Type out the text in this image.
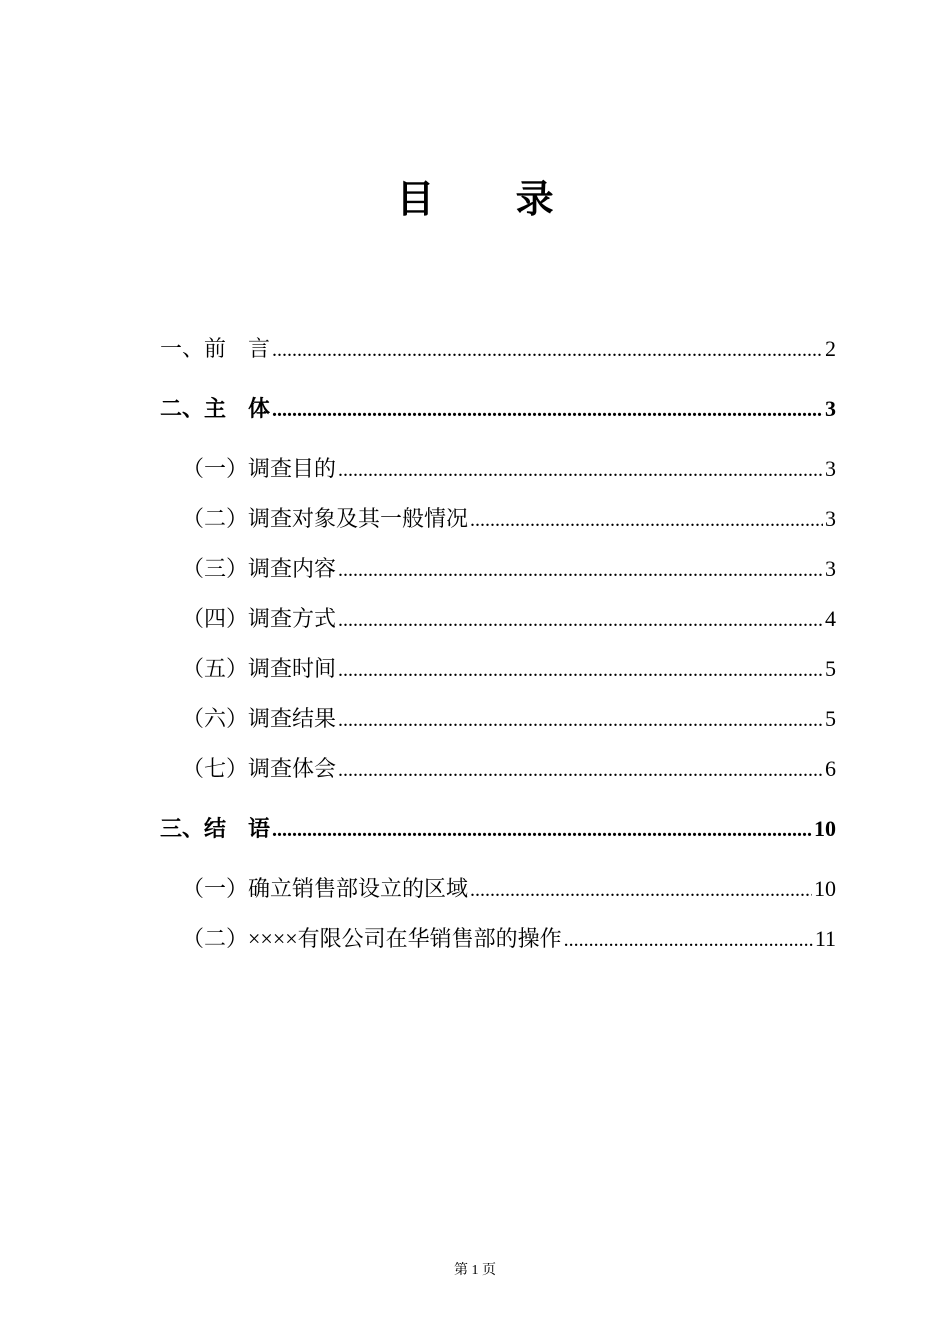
目 录
一、前    言 .....	2
二、主    体 .....	3
（一）调查目的 .....	3
（二）调查对象及其一般情况 .....	3
（三）调查内容 .....	3
（四）调查方式 .....	4
（五）调查时间 .....	5
（六）调查结果 .....	5
（七）调查体会 .....	6
三、结    语 .....	10
（一）确立销售部设立的区域 .....	10
（二）××××有限公司在华销售部的操作 .....	11
第 1 页
